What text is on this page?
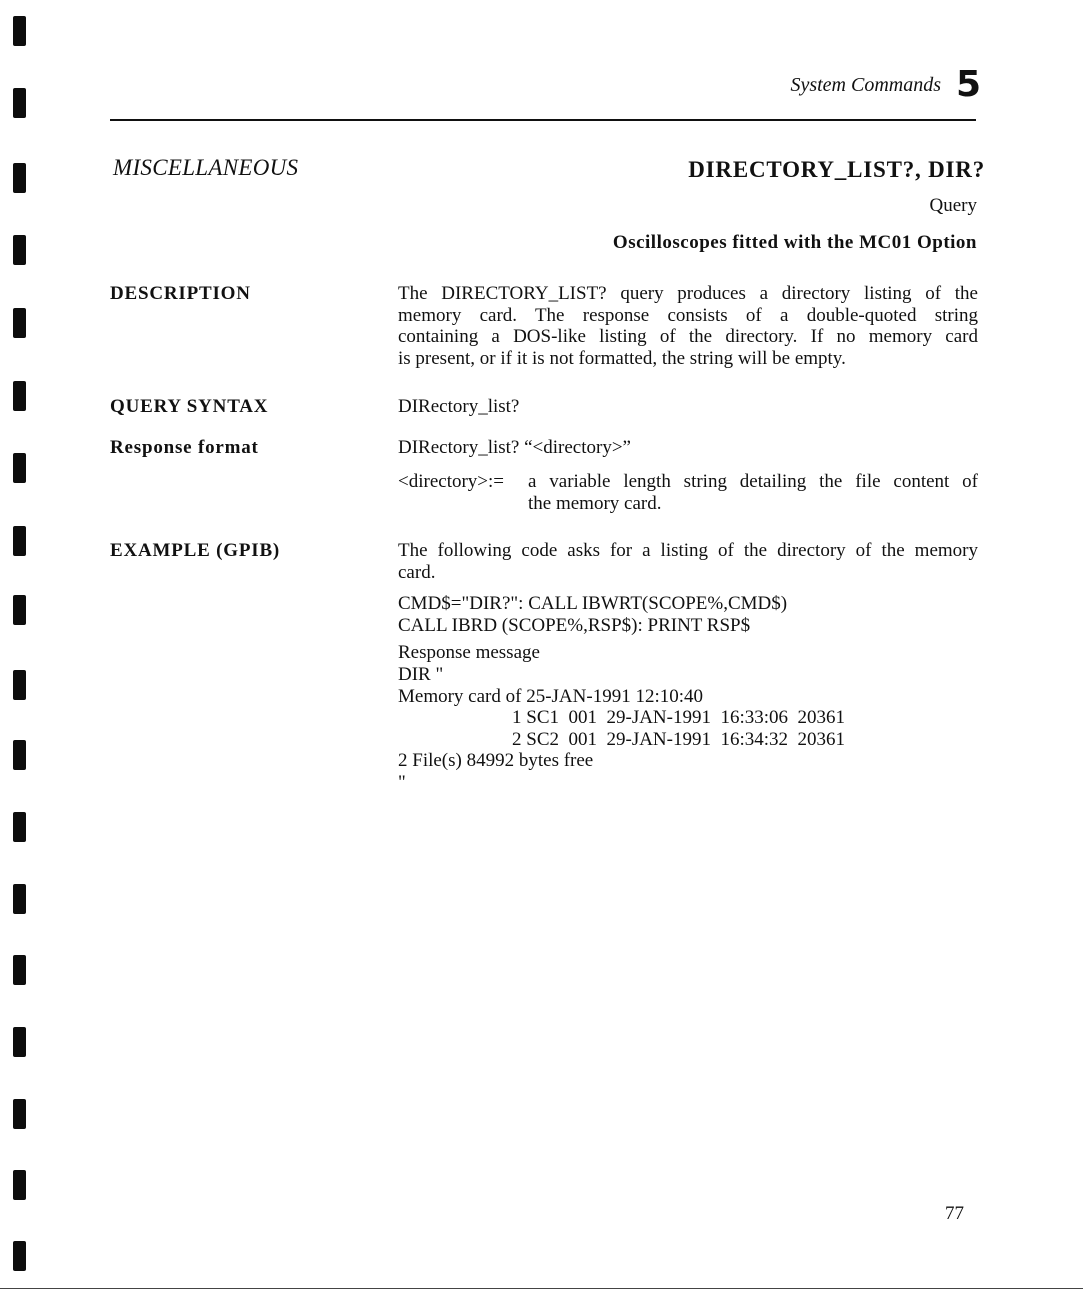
System Commands 5
MISCELLANEOUS	DIRECTORY_LIST?, DIR?
Query
Oscilloscopes fitted with the MC01 Option
DESCRIPTION	The DIRECTORY_LIST? query produces a directory listing of the
memory card. The response consists of a double-quoted string
containing a DOS-like listing of the directory. If no memory card
is present, or if it is not formatted, the string will be empty.
QUERY SYNTAX	DIRectory_list?
Response format	DIRectory_list? “<directory>”
<directory>:= a variable length string detailing the file content of
the memory card.
EXAMPLE (GPIB)	The following code asks for a listing of the directory of the memory
card.
CMD$="DIR?": CALL IBWRT(SCOPE%,CMD$)
CALL IBRD (SCOPE%,RSP$): PRINT RSP$
Response message
DIR "
Memory card of 25-JAN-1991 12:10:40
1 SC1  001  29-JAN-1991  16:33:06  20361
2 SC2  001  29-JAN-1991  16:34:32  20361
2 File(s) 84992 bytes free
"
77
